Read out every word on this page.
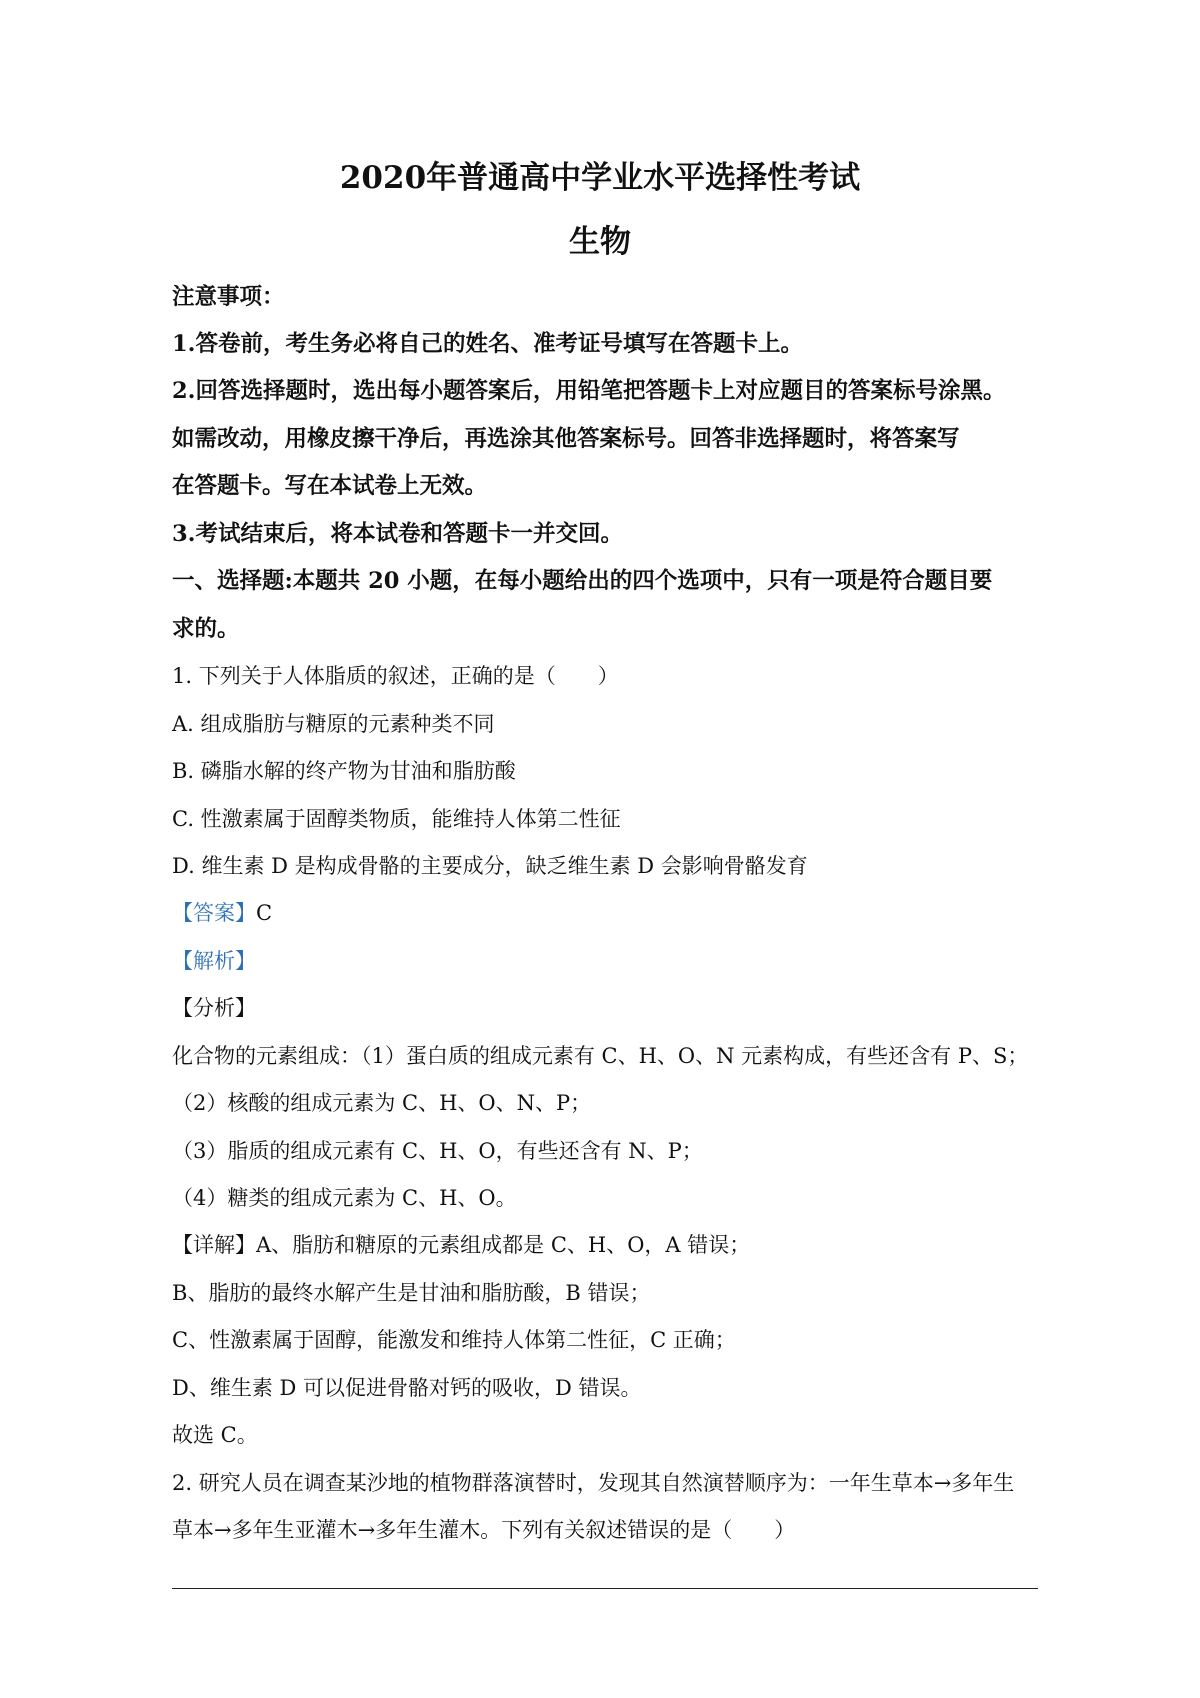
2020年普通高中学业水平选择性考试
生物
注意事项：
1.答卷前，考生务必将自己的姓名、准考证号填写在答题卡上。
2.回答选择题时，选出每小题答案后，用铅笔把答题卡上对应题目的答案标号涂黑。
如需改动，用橡皮擦干净后，再选涂其他答案标号。回答非选择题时，将答案写
在答题卡。写在本试卷上无效。
3.考试结束后，将本试卷和答题卡一并交回。
一、选择题:本题共 20 小题，在每小题给出的四个选项中，只有一项是符合题目要
求的。
1. 下列关于人体脂质的叙述，正确的是（　　）
A. 组成脂肪与糖原的元素种类不同
B. 磷脂水解的终产物为甘油和脂肪酸
C. 性激素属于固醇类物质，能维持人体第二性征
D. 维生素 D 是构成骨骼的主要成分，缺乏维生素 D 会影响骨骼发育
【答案】C
【解析】
【分析】
化合物的元素组成：（1）蛋白质的组成元素有 C、H、O、N 元素构成，有些还含有 P、S；
（2）核酸的组成元素为 C、H、O、N、P；
（3）脂质的组成元素有 C、H、O，有些还含有 N、P；
（4）糖类的组成元素为 C、H、O。
【详解】A、脂肪和糖原的元素组成都是 C、H、O，A 错误；
B、脂肪的最终水解产生是甘油和脂肪酸，B 错误；
C、性激素属于固醇，能激发和维持人体第二性征，C 正确；
D、维生素 D 可以促进骨骼对钙的吸收，D 错误。
故选 C。
2. 研究人员在调查某沙地的植物群落演替时，发现其自然演替顺序为：一年生草本→多年生
草本→多年生亚灌木→多年生灌木。下列有关叙述错误的是（　　）
